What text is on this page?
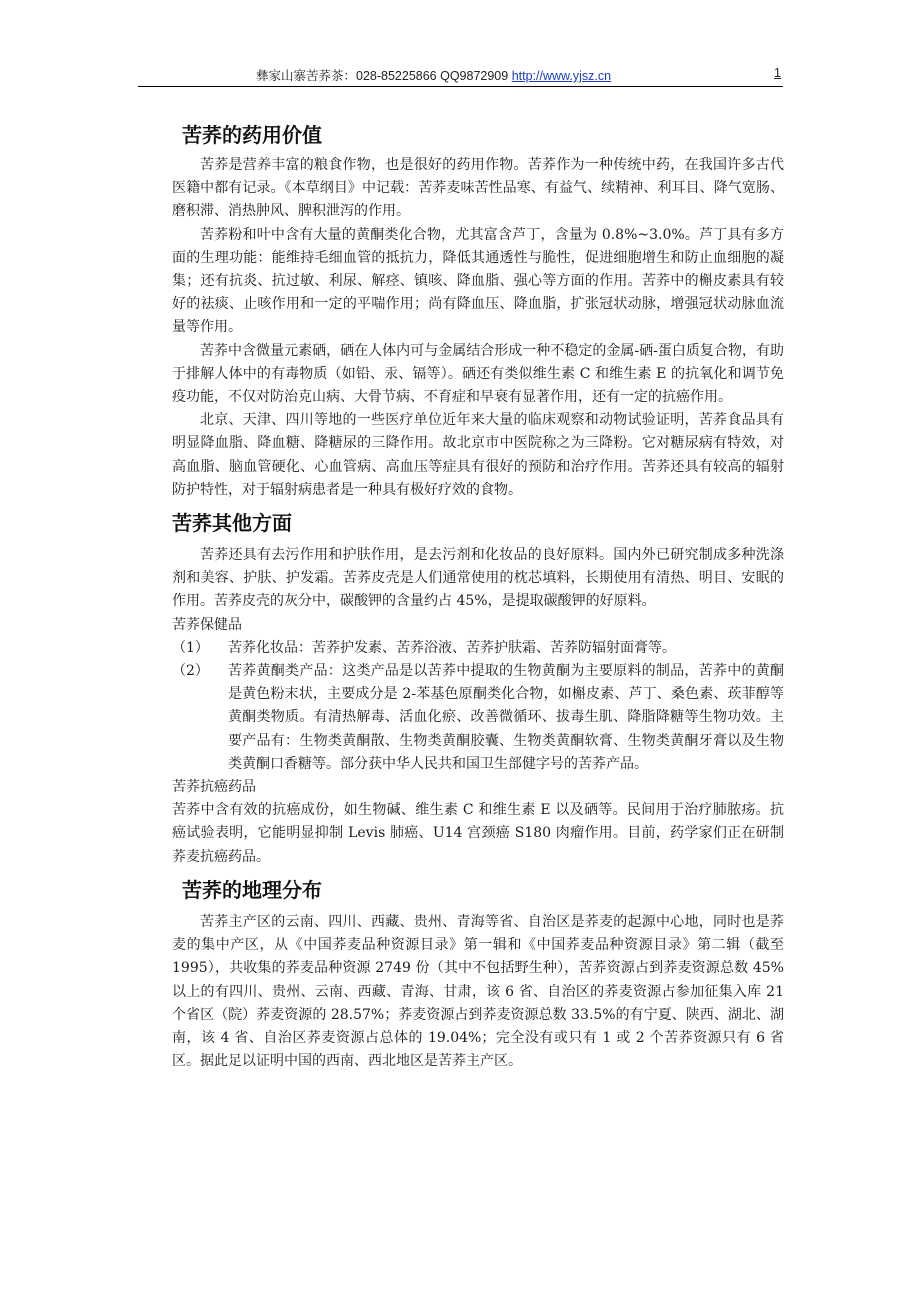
彝家山寨苦荞茶：028-85225866 QQ9872909 http://www.yjsz.cn	1
苦荞的药用价值

苦荞是营养丰富的粮食作物，也是很好的药用作物。苦荞作为一种传统中药，在我国许多古代医籍中都有记录。《本草纲目》中记载：苦荞麦味苦性品寒、有益气、续精神、利耳目、降气宽肠、磨积滞、消热肿风、脾积泄泻的作用。

苦荞粉和叶中含有大量的黄酮类化合物，尤其富含芦丁，含量为 0.8%~3.0%。芦丁具有多方面的生理功能：能维持毛细血管的抵抗力，降低其通透性与脆性，促进细胞增生和防止血细胞的凝集；还有抗炎、抗过敏、利尿、解痉、镇咳、降血脂、强心等方面的作用。苦荞中的槲皮素具有较好的祛痰、止咳作用和一定的平喘作用；尚有降血压、降血脂，扩张冠状动脉，增强冠状动脉血流量等作用。

苦荞中含微量元素硒，硒在人体内可与金属结合形成一种不稳定的金属-硒-蛋白质复合物，有助于排解人体中的有毒物质（如铅、汞、镉等）。硒还有类似维生素 C 和维生素 E 的抗氧化和调节免疫功能，不仅对防治克山病、大骨节病、不育症和早衰有显著作用，还有一定的抗癌作用。

北京、天津、四川等地的一些医疗单位近年来大量的临床观察和动物试验证明，苦荞食品具有明显降血脂、降血糖、降糖尿的三降作用。故北京市中医院称之为三降粉。它对糖尿病有特效，对高血脂、脑血管硬化、心血管病、高血压等症具有很好的预防和治疗作用。苦荞还具有较高的辐射防护特性，对于辐射病患者是一种具有极好疗效的食物。

苦荞其他方面

苦荞还具有去污作用和护肤作用，是去污剂和化妆品的良好原料。国内外已研究制成多种洗涤剂和美容、护肤、护发霜。苦荞皮壳是人们通常使用的枕芯填料，长期使用有清热、明目、安眠的作用。苦荞皮壳的灰分中，碳酸钾的含量约占 45%，是提取碳酸钾的好原料。

苦荞保健品

（1）	苦荞化妆品：苦荞护发素、苦荞浴液、苦荞护肤霜、苦荞防辐射面膏等。
（2）	苦荞黄酮类产品：这类产品是以苦荞中提取的生物黄酮为主要原料的制品，苦荞中的黄酮是黄色粉末状，主要成分是 2-苯基色原酮类化合物，如槲皮素、芦丁、桑色素、莰菲醇等黄酮类物质。有清热解毒、活血化瘀、改善微循环、拔毒生肌、降脂降糖等生物功效。主要产品有：生物类黄酮散、生物类黄酮胶囊、生物类黄酮软膏、生物类黄酮牙膏以及生物类黄酮口香糖等。部分获中华人民共和国卫生部健字号的苦荞产品。

苦荞抗癌药品

苦荞中含有效的抗癌成份，如生物碱、维生素 C 和维生素 E 以及硒等。民间用于治疗肺脓疡。抗癌试验表明，它能明显抑制 Levis 肺癌、U14 宫颈癌 S180 肉瘤作用。目前，药学家们正在研制荞麦抗癌药品。

苦荞的地理分布

苦荞主产区的云南、四川、西藏、贵州、青海等省、自治区是荞麦的起源中心地，同时也是荞麦的集中产区，从《中国荞麦品种资源目录》第一辑和《中国荞麦品种资源目录》第二辑（截至 1995），共收集的荞麦品种资源 2749 份（其中不包括野生种），苦荞资源占到荞麦资源总数 45%以上的有四川、贵州、云南、西藏、青海、甘肃，该 6 省、自治区的荞麦资源占参加征集入库 21 个省区（院）荞麦资源的 28.57%；荞麦资源占到荞麦资源总数 33.5%的有宁夏、陕西、湖北、湖南，该 4 省、自治区荞麦资源占总体的 19.04%；完全没有或只有 1 或 2 个苦荞资源只有 6 省区。据此足以证明中国的西南、西北地区是苦荞主产区。
